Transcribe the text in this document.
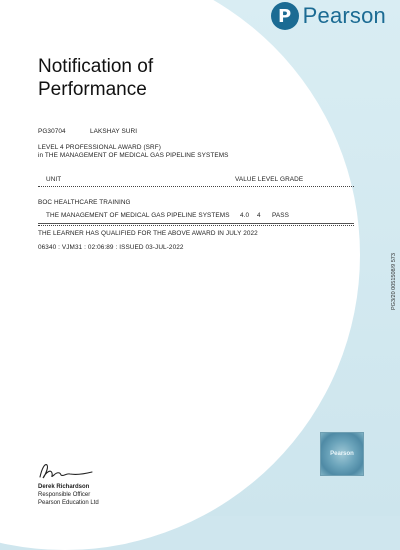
P Pearson
Notification of Performance
PG30704	LAKSHAY SURI
LEVEL 4 PROFESSIONAL AWARD (SRF)
in THE MANAGEMENT OF MEDICAL GAS PIPELINE SYSTEMS
UNIT	VALUE LEVEL GRADE
BOC HEALTHCARE TRAINING
THE MANAGEMENT OF MEDICAL GAS PIPELINE SYSTEMS 4.0 4 PASS
THE LEARNER HAS QUALIFIED FOR THE ABOVE AWARD IN JULY 2022
06340 : VJM31 : 02:06:89 : ISSUED 03-JUL-2022
PG3/20 0051508/9 573
Pearson
Derek Richardson
Responsible Officer
Pearson Education Ltd
